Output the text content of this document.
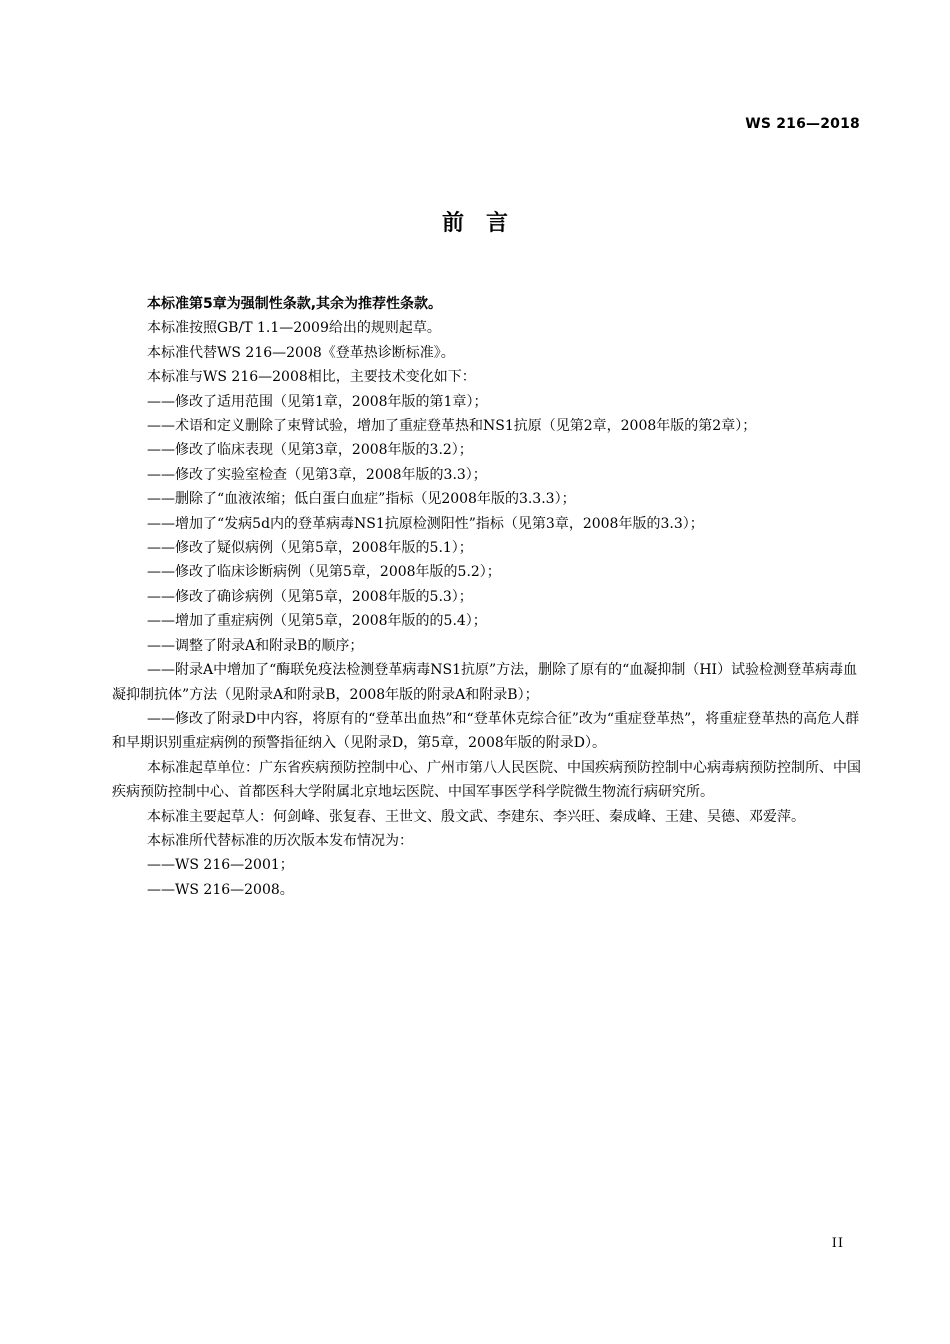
WS 216—2018
前言

本标准第5章为强制性条款,其余为推荐性条款。

本标准按照GB/T 1.1—2009给出的规则起草。

本标准代替WS 216—2008《登革热诊断标准》。

本标准与WS 216—2008相比，主要技术变化如下：

——修改了适用范围（见第1章，2008年版的第1章）；

——术语和定义删除了束臂试验，增加了重症登革热和NS1抗原（见第2章，2008年版的第2章）；

——修改了临床表现（见第3章，2008年版的3.2）；

——修改了实验室检查（见第3章，2008年版的3.3）；

——删除了“血液浓缩；低白蛋白血症”指标（见2008年版的3.3.3）；

——增加了“发病5d内的登革病毒NS1抗原检测阳性”指标（见第3章，2008年版的3.3）；

——修改了疑似病例（见第5章，2008年版的5.1）；

——修改了临床诊断病例（见第5章，2008年版的5.2）；

——修改了确诊病例（见第5章，2008年版的5.3）；

——增加了重症病例（见第5章，2008年版的的5.4）；

——调整了附录A和附录B的顺序；

——附录A中增加了“酶联免疫法检测登革病毒NS1抗原”方法，删除了原有的“血凝抑制（HI）试验检测登革病毒血凝抑制抗体”方法（见附录A和附录B，2008年版的附录A和附录B）；

——修改了附录D中内容，将原有的“登革出血热”和“登革休克综合征”改为“重症登革热”，将重症登革热的高危人群和早期识别重症病例的预警指征纳入（见附录D，第5章，2008年版的附录D）。

本标准起草单位：广东省疾病预防控制中心、广州市第八人民医院、中国疾病预防控制中心病毒病预防控制所、中国疾病预防控制中心、首都医科大学附属北京地坛医院、中国军事医学科学院微生物流行病研究所。

本标准主要起草人：何剑峰、张复春、王世文、殷文武、李建东、李兴旺、秦成峰、王建、吴德、邓爱萍。

本标准所代替标准的历次版本发布情况为：

——WS 216—2001；

——WS 216—2008。

II
